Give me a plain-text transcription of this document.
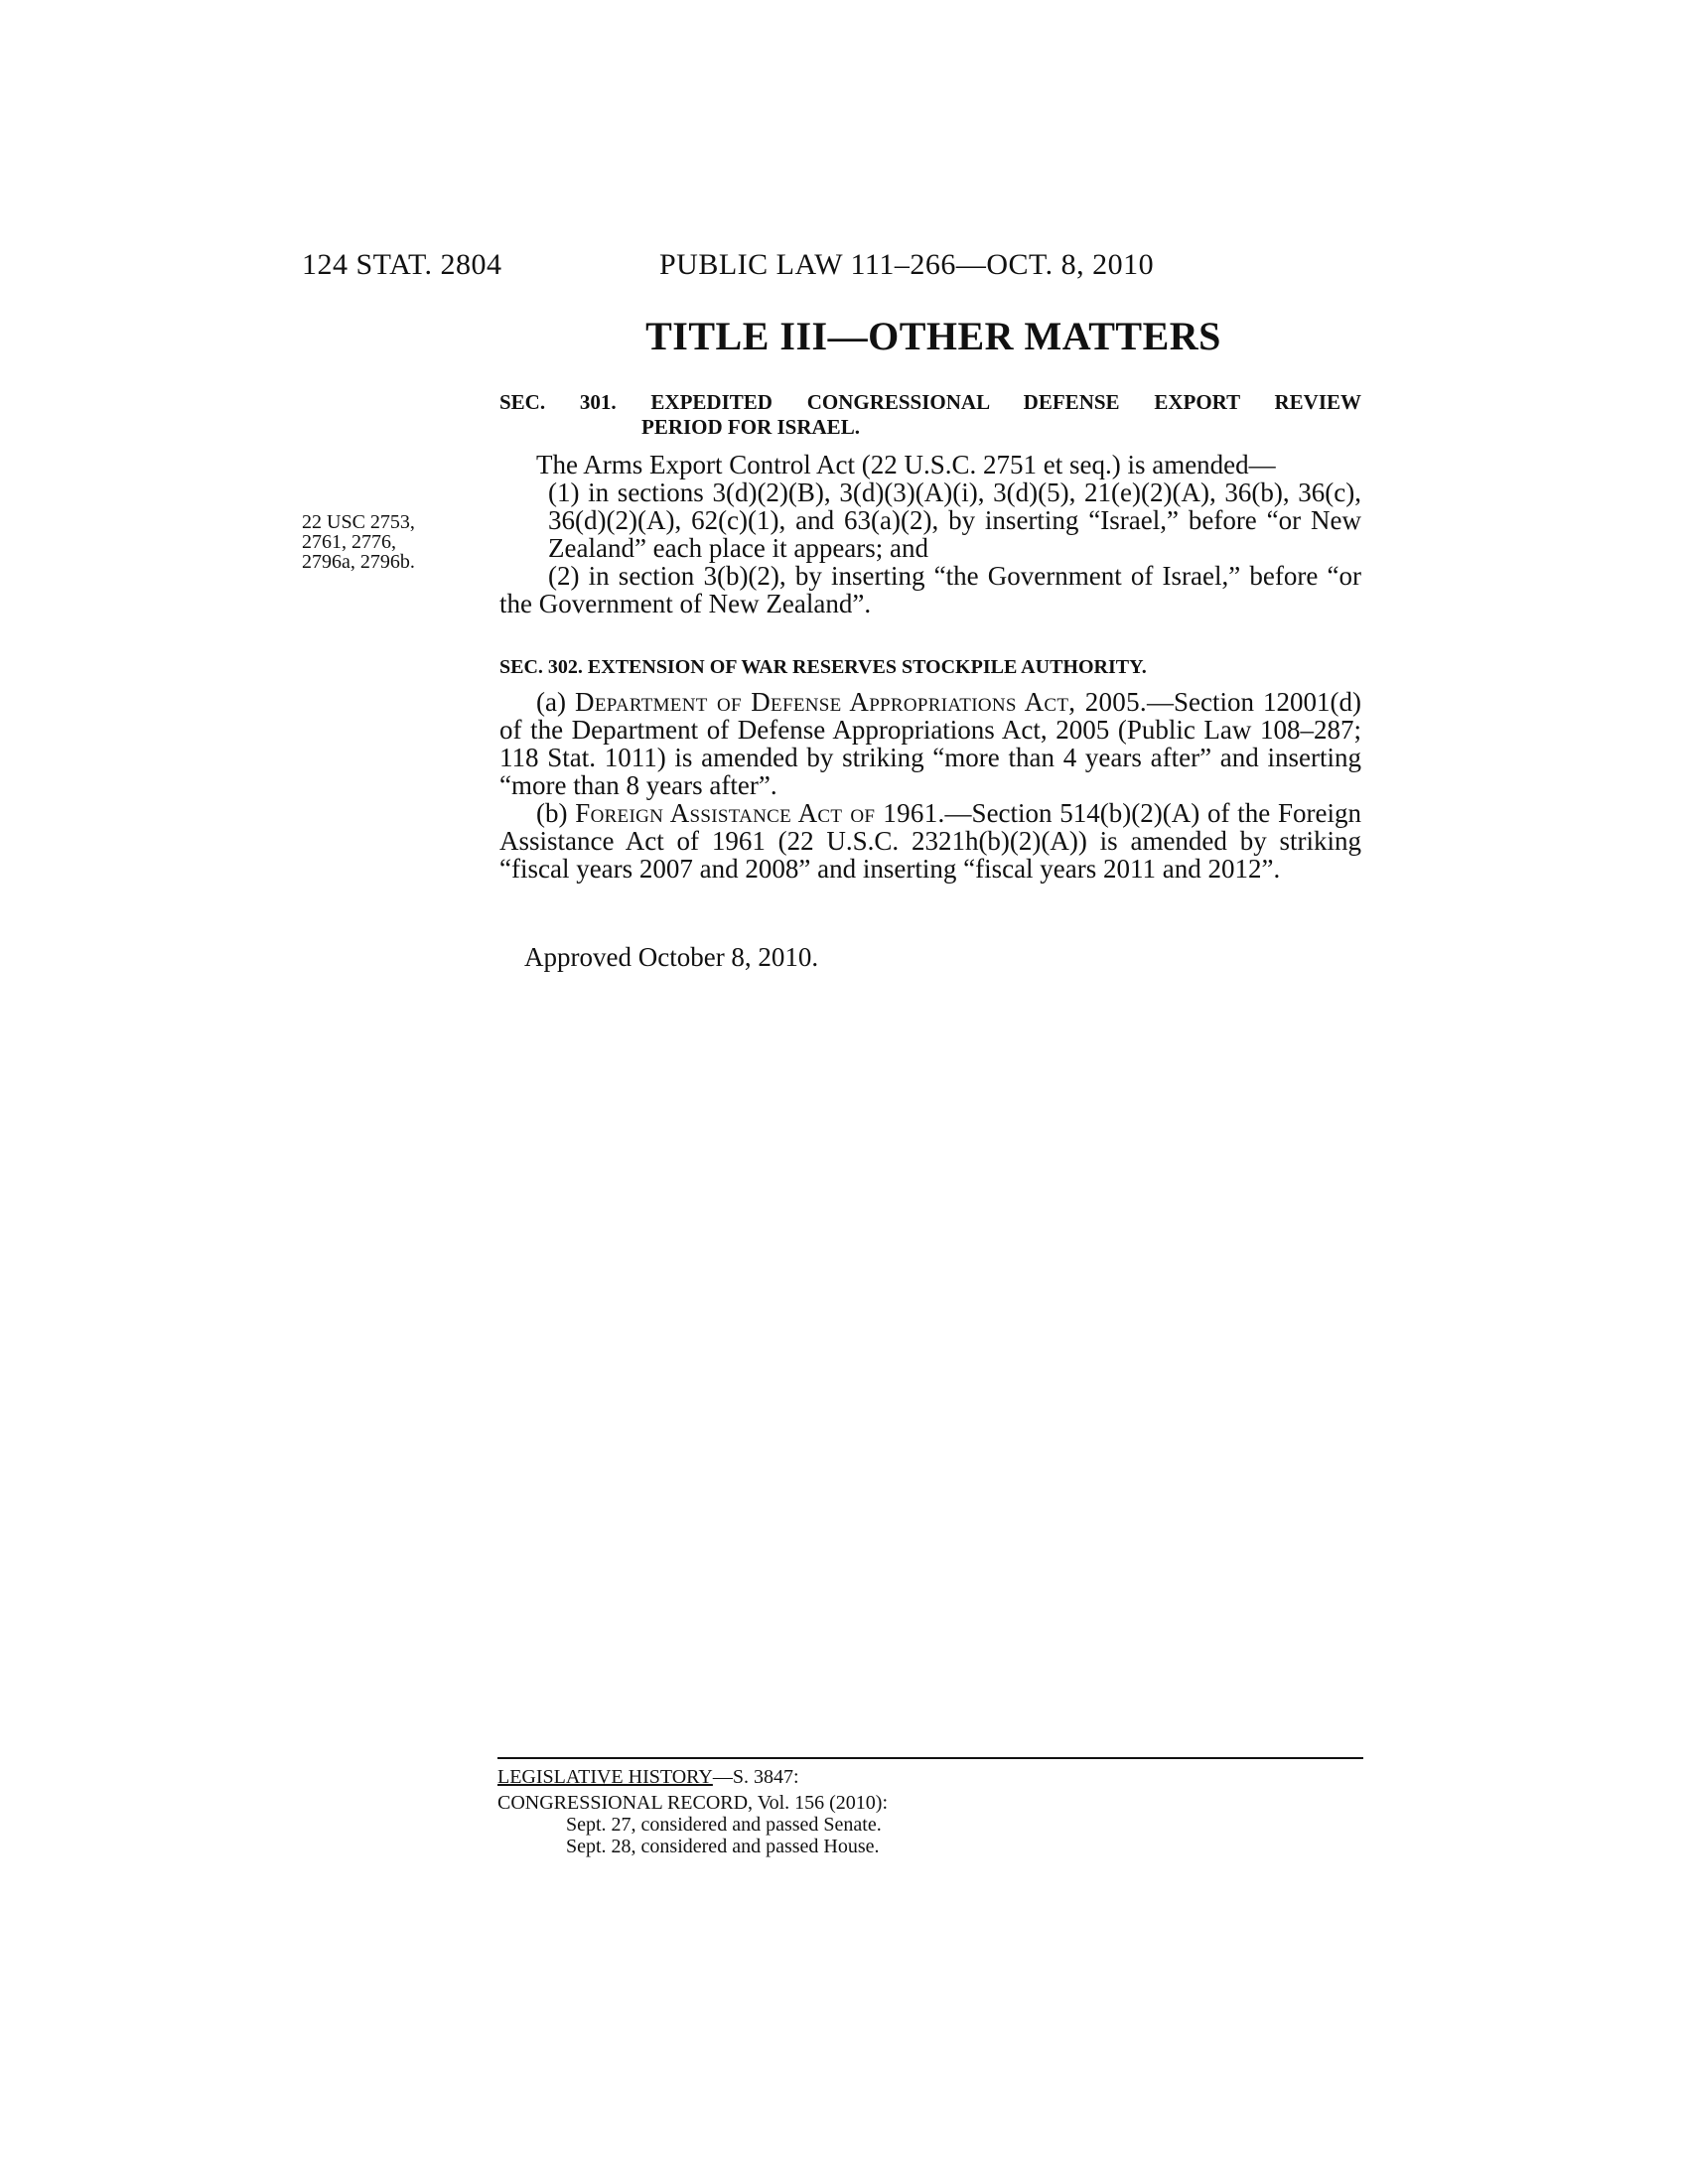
124 STAT. 2804	PUBLIC LAW 111–266—OCT. 8, 2010
TITLE III—OTHER MATTERS
SEC. 301. EXPEDITED CONGRESSIONAL DEFENSE EXPORT REVIEW
PERIOD FOR ISRAEL.
The Arms Export Control Act (22 U.S.C. 2751 et seq.) is amended—
(1) in sections 3(d)(2)(B), 3(d)(3)(A)(i), 3(d)(5), 21(e)(2)(A), 36(b), 36(c), 36(d)(2)(A), 62(c)(1), and 63(a)(2), by inserting “Israel,” before “or New Zealand” each place it appears; and
(2) in section 3(b)(2), by inserting “the Government of Israel,” before “or the Government of New Zealand”.
22 USC 2753,
2761, 2776,
2796a, 2796b.
SEC. 302. EXTENSION OF WAR RESERVES STOCKPILE AUTHORITY.
(a) Department of Defense Appropriations Act, 2005.—Section 12001(d) of the Department of Defense Appropriations Act, 2005 (Public Law 108–287; 118 Stat. 1011) is amended by striking “more than 4 years after” and inserting “more than 8 years after”.
(b) Foreign Assistance Act of 1961.—Section 514(b)(2)(A) of the Foreign Assistance Act of 1961 (22 U.S.C. 2321h(b)(2)(A)) is amended by striking “fiscal years 2007 and 2008” and inserting “fiscal years 2011 and 2012”.
Approved October 8, 2010.
LEGISLATIVE HISTORY—S. 3847:
CONGRESSIONAL RECORD, Vol. 156 (2010):
Sept. 27, considered and passed Senate.
Sept. 28, considered and passed House.
